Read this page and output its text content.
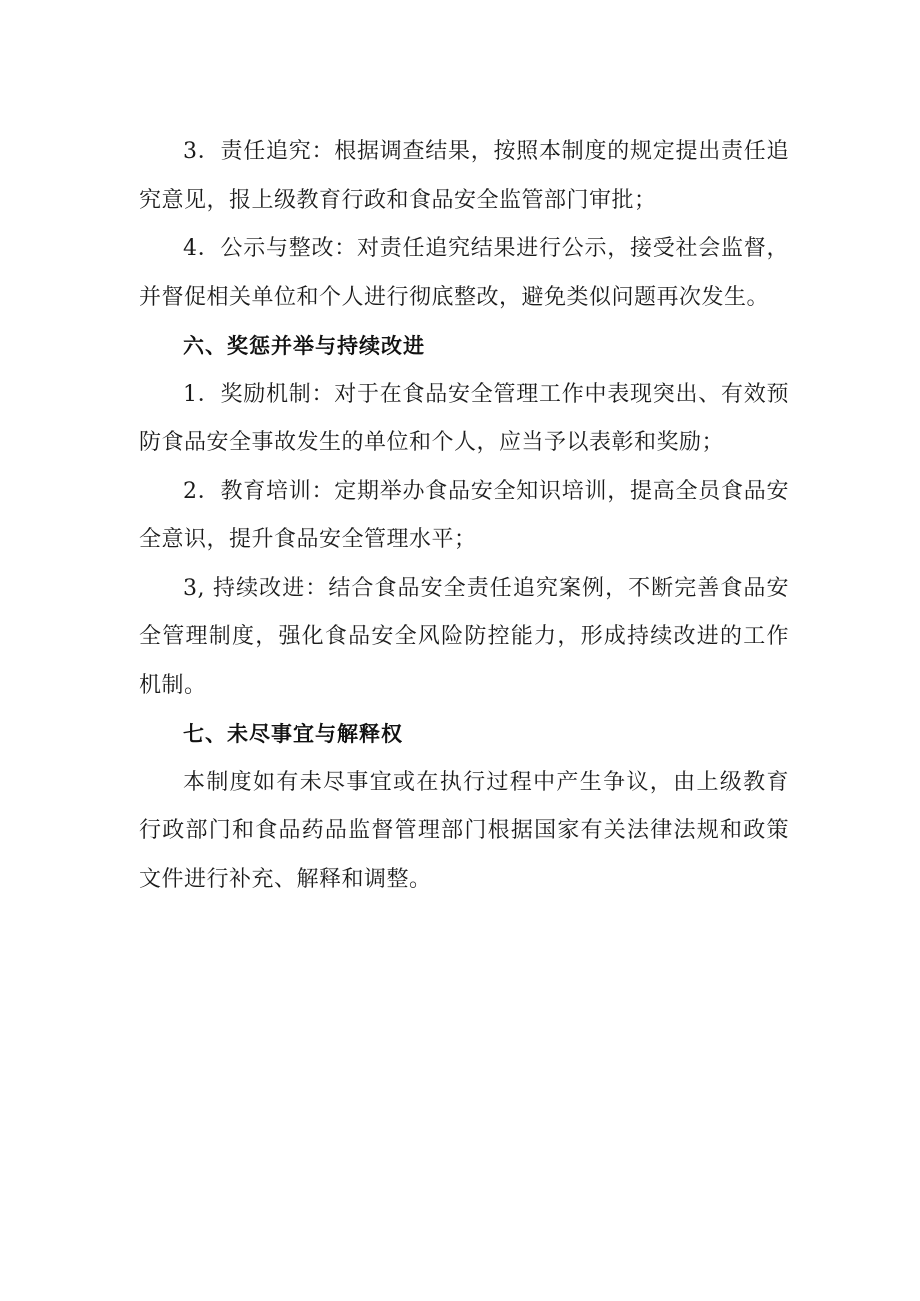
3．责任追究：根据调查结果，按照本制度的规定提出责任追究意见，报上级教育行政和食品安全监管部门审批；

4．公示与整改：对责任追究结果进行公示，接受社会监督，并督促相关单位和个人进行彻底整改，避免类似问题再次发生。

六、奖惩并举与持续改进

1．奖励机制：对于在食品安全管理工作中表现突出、有效预防食品安全事故发生的单位和个人，应当予以表彰和奖励；

2．教育培训：定期举办食品安全知识培训，提高全员食品安全意识，提升食品安全管理水平；

3, 持续改进：结合食品安全责任追究案例，不断完善食品安全管理制度，强化食品安全风险防控能力，形成持续改进的工作机制。

七、未尽事宜与解释权

本制度如有未尽事宜或在执行过程中产生争议，由上级教育行政部门和食品药品监督管理部门根据国家有关法律法规和政策文件进行补充、解释和调整。
